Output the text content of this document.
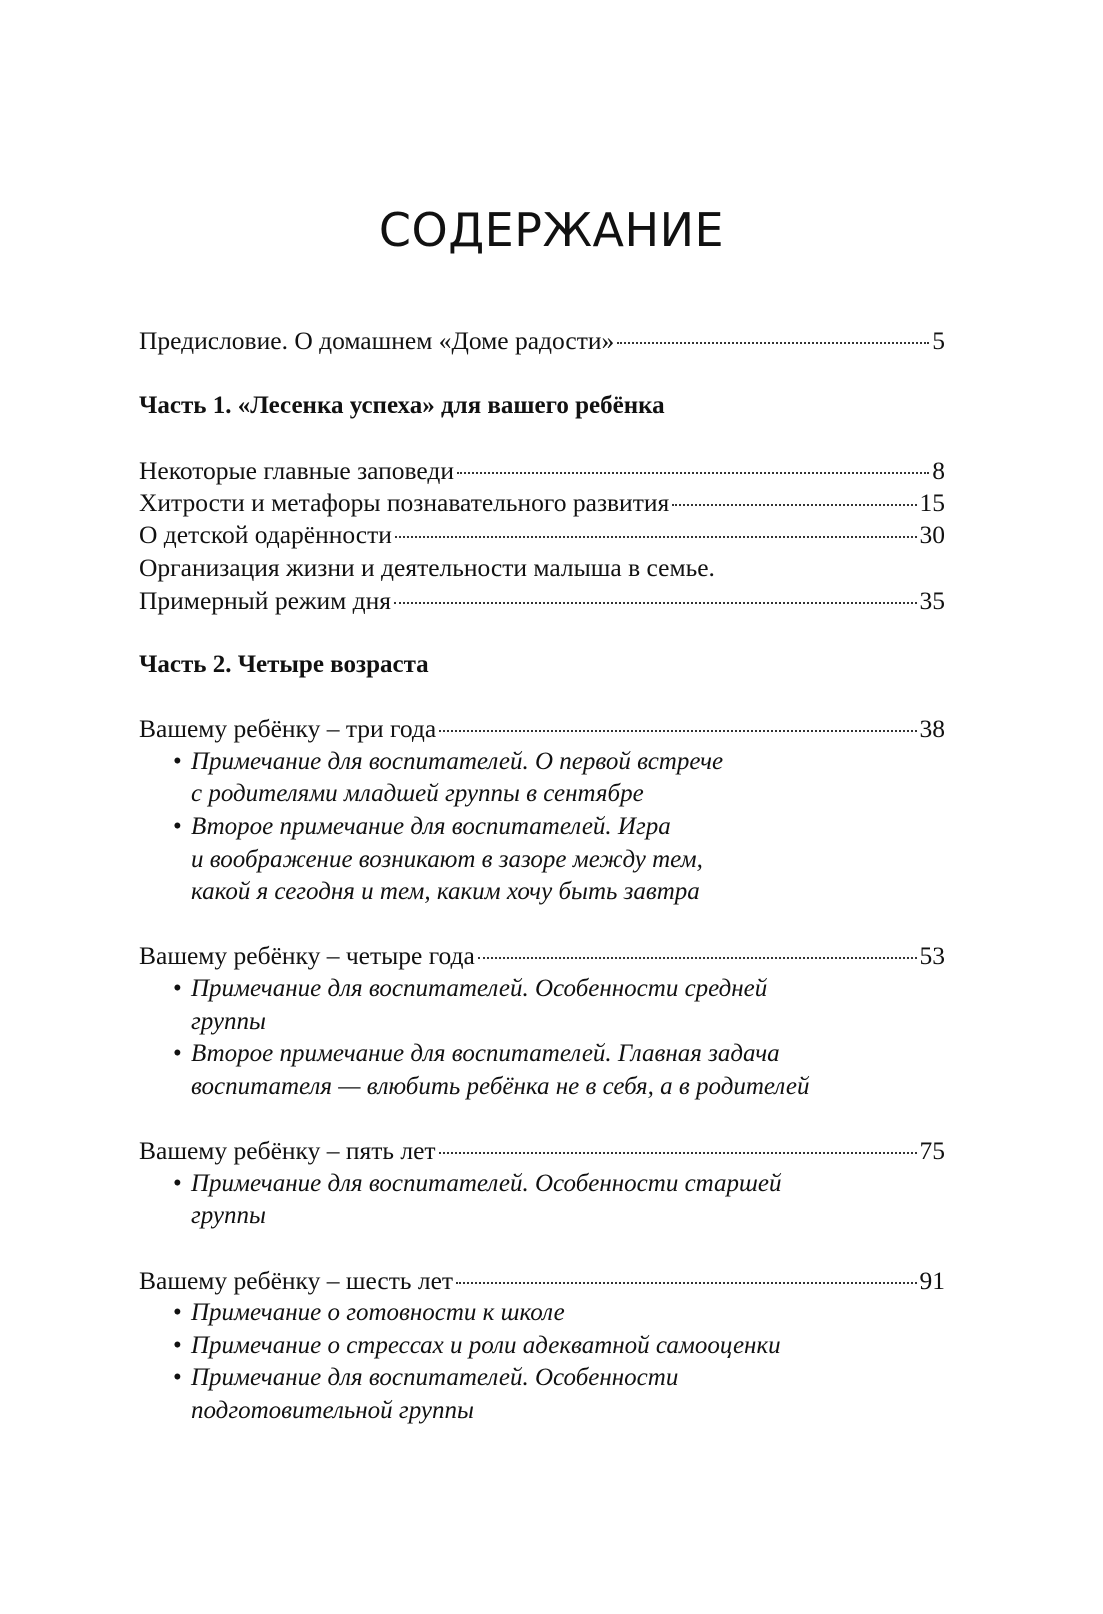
СОДЕРЖАНИЕ
Предисловие. О домашнем «Доме радости»	5
Часть 1. «Лесенка успеха» для вашего ребёнка
Некоторые главные заповеди	8
Хитрости и метафоры познавательного развития	15
О детской одарённости	30
Организация жизни и деятельности малыша в семье.
Примерный режим дня	35
Часть 2. Четыре возраста
Вашему ребёнку – три года	38
• Примечание для воспитателей. О первой встрече
с родителями младшей группы в сентябре
• Второе примечание для воспитателей. Игра
и воображение возникают в зазоре между тем,
какой я сегодня и тем, каким хочу быть завтра
Вашему ребёнку – четыре года	53
• Примечание для воспитателей. Особенности средней
группы
• Второе примечание для воспитателей. Главная задача
воспитателя — влюбить ребёнка не в себя, а в родителей
Вашему ребёнку – пять лет	75
• Примечание для воспитателей. Особенности старшей
группы
Вашему ребёнку – шесть лет	91
• Примечание о готовности к школе
• Примечание о стрессах и роли адекватной самооценки
• Примечание для воспитателей. Особенности
подготовительной группы
